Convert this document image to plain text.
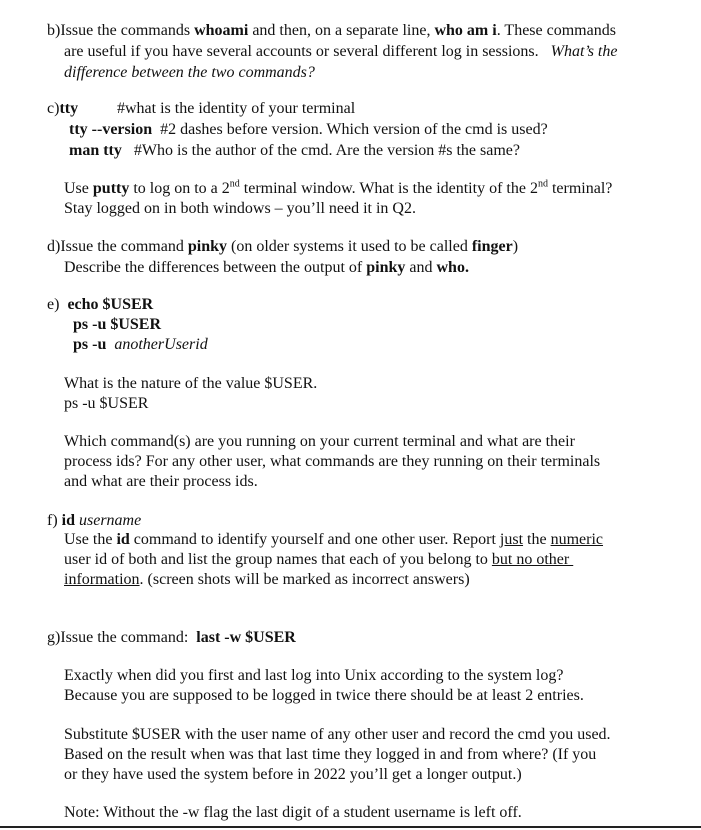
b)Issue the commands whoami and then, on a separate line, who am i. These commands
are useful if you have several accounts or several different log in sessions. What’s the
difference between the two commands?
c)tty #what is the identity of your terminal
tty --version #2 dashes before version. Which version of the cmd is used?
man tty #Who is the author of the cmd. Are the version #s the same?
Use putty to log on to a 2nd terminal window. What is the identity of the 2nd terminal?
Stay logged on in both windows – you’ll need it in Q2.
d)Issue the command pinky (on older systems it used to be called finger)
Describe the differences between the output of pinky and who.
e) echo $USER
ps -u $USER
ps -u anotherUserid
What is the nature of the value $USER.
ps -u $USER
Which command(s) are you running on your current terminal and what are their
process ids? For any other user, what commands are they running on their terminals
and what are their process ids.
f) id username
Use the id command to identify yourself and one other user. Report just the numeric
user id of both and list the group names that each of you belong to but no other
information. (screen shots will be marked as incorrect answers)
g)Issue the command:  last -w $USER
Exactly when did you first and last log into Unix according to the system log?
Because you are supposed to be logged in twice there should be at least 2 entries.
Substitute $USER with the user name of any other user and record the cmd you used.
Based on the result when was that last time they logged in and from where? (If you
or they have used the system before in 2022 you’ll get a longer output.)
Note: Without the -w flag the last digit of a student username is left off.
